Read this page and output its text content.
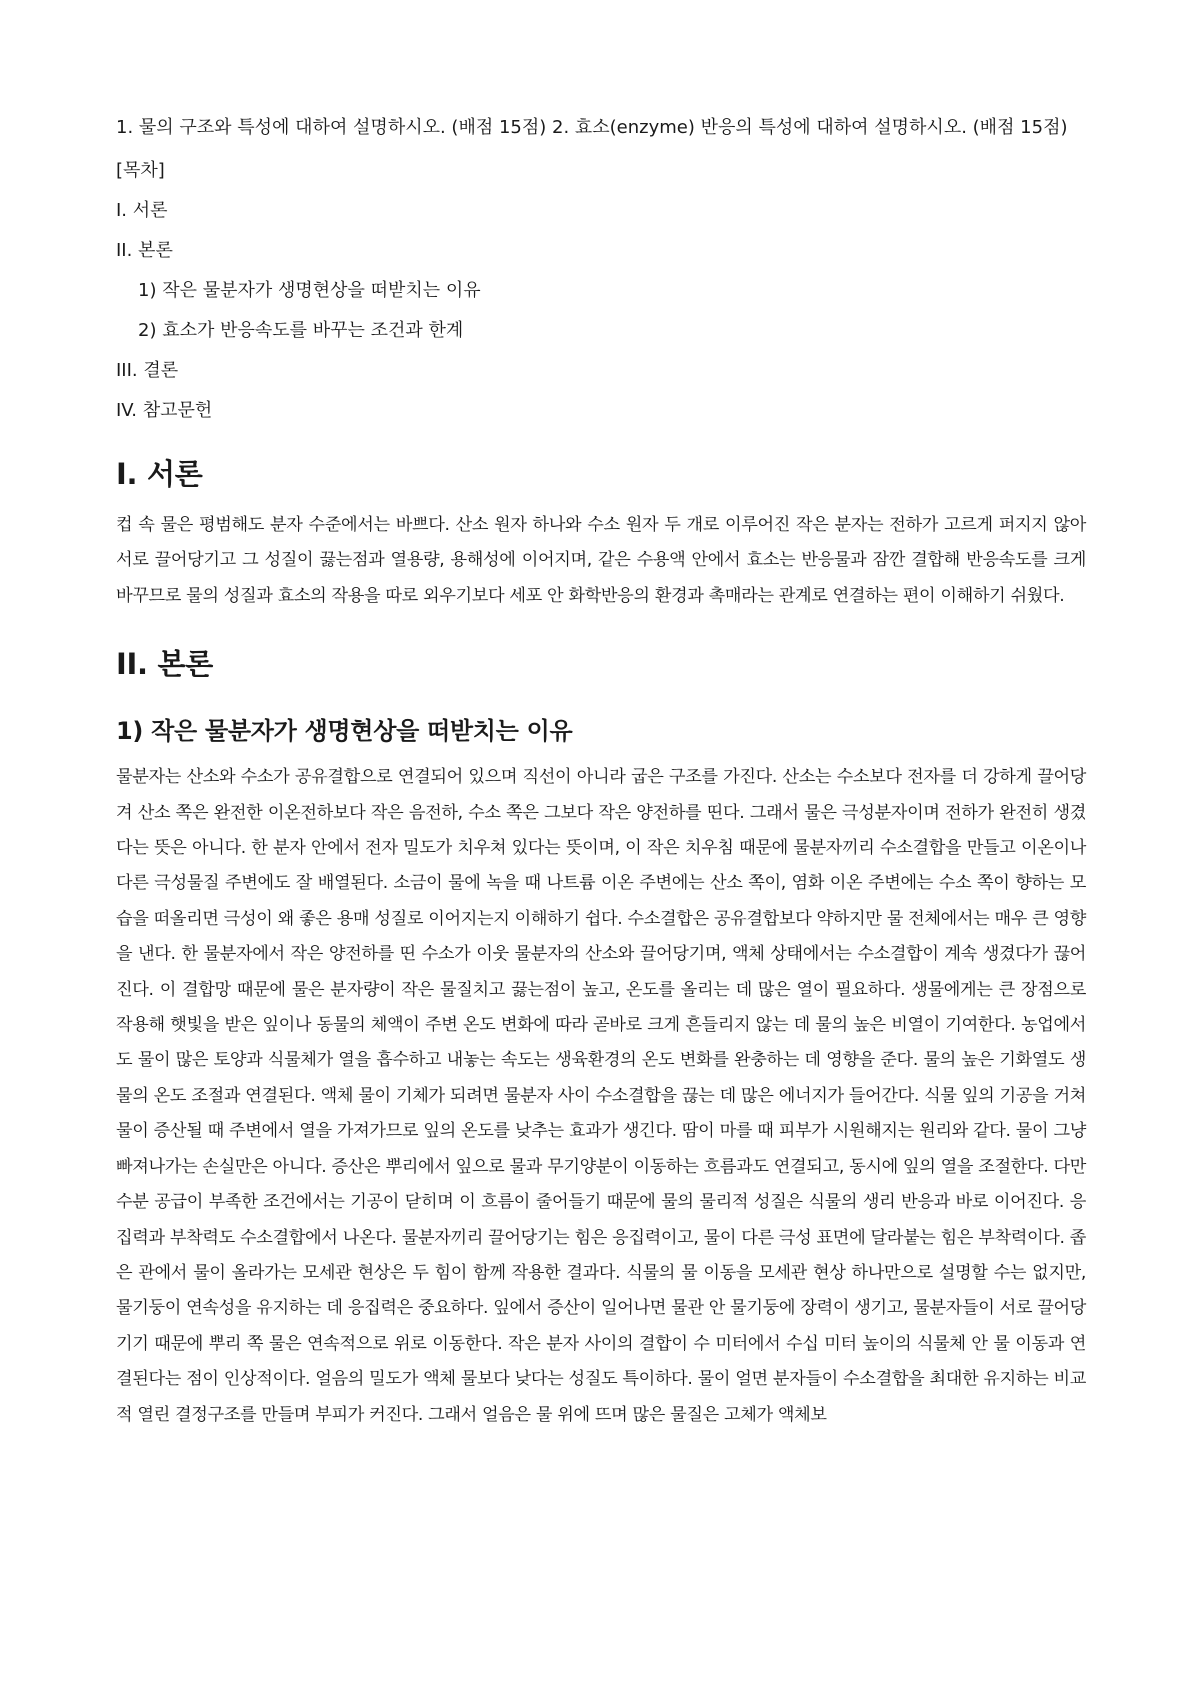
1. 물의 구조와 특성에 대하여 설명하시오. (배점 15점) 2. 효소(enzyme) 반응의 특성에 대하여 설명하시오. (배점 15점)

[목차]
I. 서론
II. 본론
1) 작은 물분자가 생명현상을 떠받치는 이유
2) 효소가 반응속도를 바꾸는 조건과 한계
III. 결론
IV. 참고문헌
I. 서론

컵 속 물은 평범해도 분자 수준에서는 바쁘다. 산소 원자 하나와 수소 원자 두 개로 이루어진 작은 분자는 전하가 고르게 퍼지지 않아 서로 끌어당기고 그 성질이 끓는점과 열용량, 용해성에 이어지며, 같은 수용액 안에서 효소는 반응물과 잠깐 결합해 반응속도를 크게 바꾸므로 물의 성질과 효소의 작용을 따로 외우기보다 세포 안 화학반응의 환경과 촉매라는 관계로 연결하는 편이 이해하기 쉬웠다.

II. 본론
1) 작은 물분자가 생명현상을 떠받치는 이유

물분자는 산소와 수소가 공유결합으로 연결되어 있으며 직선이 아니라 굽은 구조를 가진다. 산소는 수소보다 전자를 더 강하게 끌어당겨 산소 쪽은 완전한 이온전하보다 작은 음전하, 수소 쪽은 그보다 작은 양전하를 띤다. 그래서 물은 극성분자이며 전하가 완전히 생겼다는 뜻은 아니다. 한 분자 안에서 전자 밀도가 치우쳐 있다는 뜻이며, 이 작은 치우침 때문에 물분자끼리 수소결합을 만들고 이온이나 다른 극성물질 주변에도 잘 배열된다. 소금이 물에 녹을 때 나트륨 이온 주변에는 산소 쪽이, 염화 이온 주변에는 수소 쪽이 향하는 모습을 떠올리면 극성이 왜 좋은 용매 성질로 이어지는지 이해하기 쉽다. 수소결합은 공유결합보다 약하지만 물 전체에서는 매우 큰 영향을 낸다. 한 물분자에서 작은 양전하를 띤 수소가 이웃 물분자의 산소와 끌어당기며, 액체 상태에서는 수소결합이 계속 생겼다가 끊어진다. 이 결합망 때문에 물은 분자량이 작은 물질치고 끓는점이 높고, 온도를 올리는 데 많은 열이 필요하다. 생물에게는 큰 장점으로 작용해 햇빛을 받은 잎이나 동물의 체액이 주변 온도 변화에 따라 곧바로 크게 흔들리지 않는 데 물의 높은 비열이 기여한다. 농업에서도 물이 많은 토양과 식물체가 열을 흡수하고 내놓는 속도는 생육환경의 온도 변화를 완충하는 데 영향을 준다. 물의 높은 기화열도 생물의 온도 조절과 연결된다. 액체 물이 기체가 되려면 물분자 사이 수소결합을 끊는 데 많은 에너지가 들어간다. 식물 잎의 기공을 거쳐 물이 증산될 때 주변에서 열을 가져가므로 잎의 온도를 낮추는 효과가 생긴다. 땀이 마를 때 피부가 시원해지는 원리와 같다. 물이 그냥 빠져나가는 손실만은 아니다. 증산은 뿌리에서 잎으로 물과 무기양분이 이동하는 흐름과도 연결되고, 동시에 잎의 열을 조절한다. 다만 수분 공급이 부족한 조건에서는 기공이 닫히며 이 흐름이 줄어들기 때문에 물의 물리적 성질은 식물의 생리 반응과 바로 이어진다. 응집력과 부착력도 수소결합에서 나온다. 물분자끼리 끌어당기는 힘은 응집력이고, 물이 다른 극성 표면에 달라붙는 힘은 부착력이다. 좁은 관에서 물이 올라가는 모세관 현상은 두 힘이 함께 작용한 결과다. 식물의 물 이동을 모세관 현상 하나만으로 설명할 수는 없지만, 물기둥이 연속성을 유지하는 데 응집력은 중요하다. 잎에서 증산이 일어나면 물관 안 물기둥에 장력이 생기고, 물분자들이 서로 끌어당기기 때문에 뿌리 쪽 물은 연속적으로 위로 이동한다. 작은 분자 사이의 결합이 수 미터에서 수십 미터 높이의 식물체 안 물 이동과 연결된다는 점이 인상적이다. 얼음의 밀도가 액체 물보다 낮다는 성질도 특이하다. 물이 얼면 분자들이 수소결합을 최대한 유지하는 비교적 열린 결정구조를 만들며 부피가 커진다. 그래서 얼음은 물 위에 뜨며 많은 물질은 고체가 액체보
